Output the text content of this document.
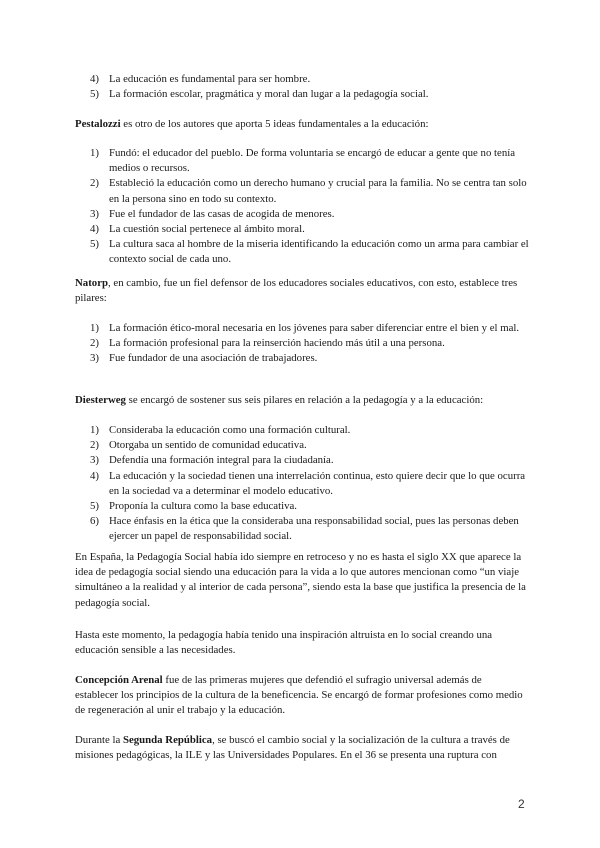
4) La educación es fundamental para ser hombre.
5) La formación escolar, pragmática y moral dan lugar a la pedagogía social.

Pestalozzi es otro de los autores que aporta 5 ideas fundamentales a la educación:

1) Fundó: el educador del pueblo. De forma voluntaria se encargó de educar a gente que no tenía medios o recursos.
2) Estableció la educación como un derecho humano y crucial para la familia. No se centra tan solo en la persona sino en todo su contexto.
3) Fue el fundador de las casas de acogida de menores.
4) La cuestión social pertenece al ámbito moral.
5) La cultura saca al hombre de la miseria identificando la educación como un arma para cambiar el contexto social de cada uno.

Natorp, en cambio, fue un fiel defensor de los educadores sociales educativos, con esto, establece tres pilares:

1) La formación ético-moral necesaria en los jóvenes para saber diferenciar entre el bien y el mal.
2) La formación profesional para la reinserción haciendo más útil a una persona.
3) Fue fundador de una asociación de trabajadores.

Diesterweg se encargó de sostener sus seis pilares en relación a la pedagogía y a la educación:

1) Consideraba la educación como una formación cultural.
2) Otorgaba un sentido de comunidad educativa.
3) Defendía una formación integral para la ciudadanía.
4) La educación y la sociedad tienen una interrelación continua, esto quiere decir que lo que ocurra en la sociedad va a determinar el modelo educativo.
5) Proponía la cultura como la base educativa.
6) Hace énfasis en la ética que la consideraba una responsabilidad social, pues las personas deben ejercer un papel de responsabilidad social.

En España, la Pedagogía Social había ido siempre en retroceso y no es hasta el siglo XX que aparece la idea de pedagogía social siendo una educación para la vida a lo que autores mencionan como “un viaje simultáneo a la realidad y al interior de cada persona”, siendo esta la base que justifica la presencia de la pedagogía social.

Hasta este momento, la pedagogía había tenido una inspiración altruista en lo social creando una educación sensible a las necesidades.

Concepción Arenal fue de las primeras mujeres que defendió el sufragio universal además de establecer los principios de la cultura de la beneficencia. Se encargó de formar profesiones como medio de regeneración al unir el trabajo y la educación.

Durante la Segunda República, se buscó el cambio social y la socialización de la cultura a través de misiones pedagógicas, la ILE y las Universidades Populares. En el 36 se presenta una ruptura con

2
